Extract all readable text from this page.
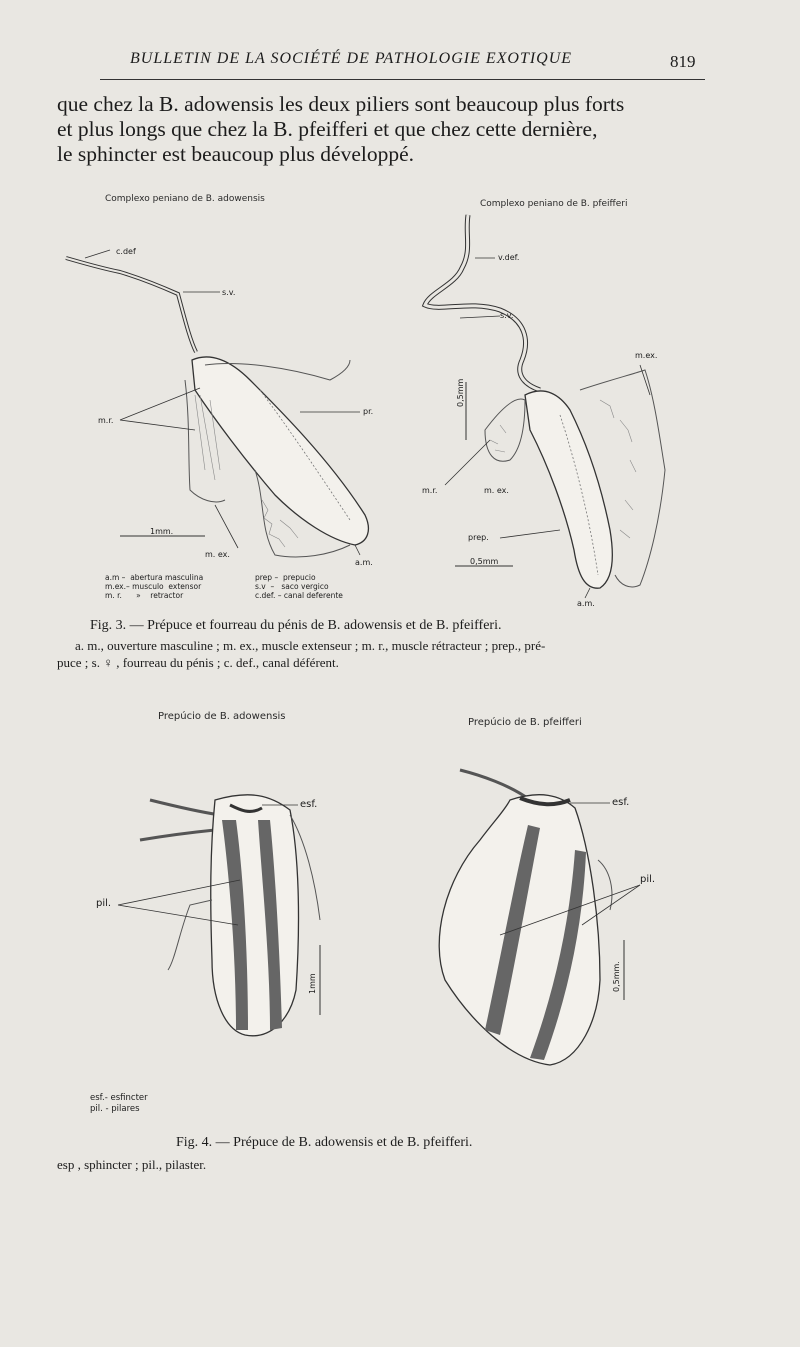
BULLETIN DE LA SOCIÉTÉ DE PATHOLOGIE EXOTIQUE	819
que chez la B. adowensis les deux piliers sont beaucoup plus forts
et plus longs que chez la B. pfeifferi et que chez cette dernière,
le sphincter est beaucoup plus développé.
Complexo peniano de B. adowensis	Complexo peniano de B. pfeifferi
c.def
s.v.
m.r.
pr.
1mm.
m. ex.
a.m.
a.m –  abertura masculina
m.ex.– musculo  extensor
m. r.      »    retractor
prep –  prepucio
s.v  –   saco vergico
c.def. – canal deferente
v.def.
s.v.
m.ex.
0,5mm
m.r.	m. ex.
prep.
0,5mm
a.m.
Fig. 3. — Prépuce et fourreau du pénis de B. adowensis et de B. pfeifferi.
a. m., ouverture masculine ; m. ex., muscle extenseur ; m. r., muscle rétracteur ; prep., pré-
puce ; s. ♀ , fourreau du pénis ; c. def., canal déférent.
Prepúcio de B. adowensis
Prepúcio de B. pfeifferi
esf.
pil.
1mm
esf.
pil.
0,5mm.
esf.- esfincter
pil. - pilares
Fig. 4. — Prépuce de B. adowensis et de B. pfeifferi.
esp , sphincter ; pil., pilaster.
